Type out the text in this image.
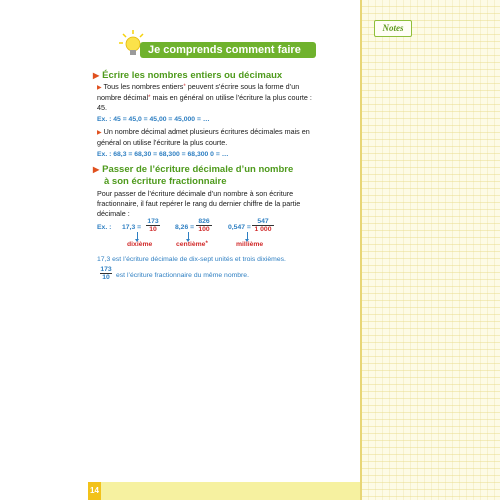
Notes
Je comprends comment faire
▶ Écrire les nombres entiers ou décimaux
▶ Tous les nombres entiers* peuvent s’écrire sous la forme d’un
nombre décimal* mais en général on utilise l’écriture la plus courte :
45.
Ex. : 45 = 45,0 = 45,00 = 45,000 = …
▶ Un nombre décimal admet plusieurs écritures décimales mais en
général on utilise l’écriture la plus courte.
Ex. : 68,3 = 68,30 = 68,300 = 68,300 0 = …
▶ Passer de l’écriture décimale d’un nombre
à son écriture fractionnaire
Pour passer de l’écriture décimale d’un nombre à son écriture
fractionnaire, il faut repérer le rang du dernier chiffre de la partie
décimale :
Ex. : $17,3 = \frac{173}{10}$
dixième
$8,26 = \frac{826}{100}$
centième*
$0,547 = \frac{547}{1 000}$
millième
17,3 est l’écriture décimale de dix-sept unités et trois dixièmes.
$\frac{173}{10}$ est l’écriture fractionnaire du même nombre.
14
